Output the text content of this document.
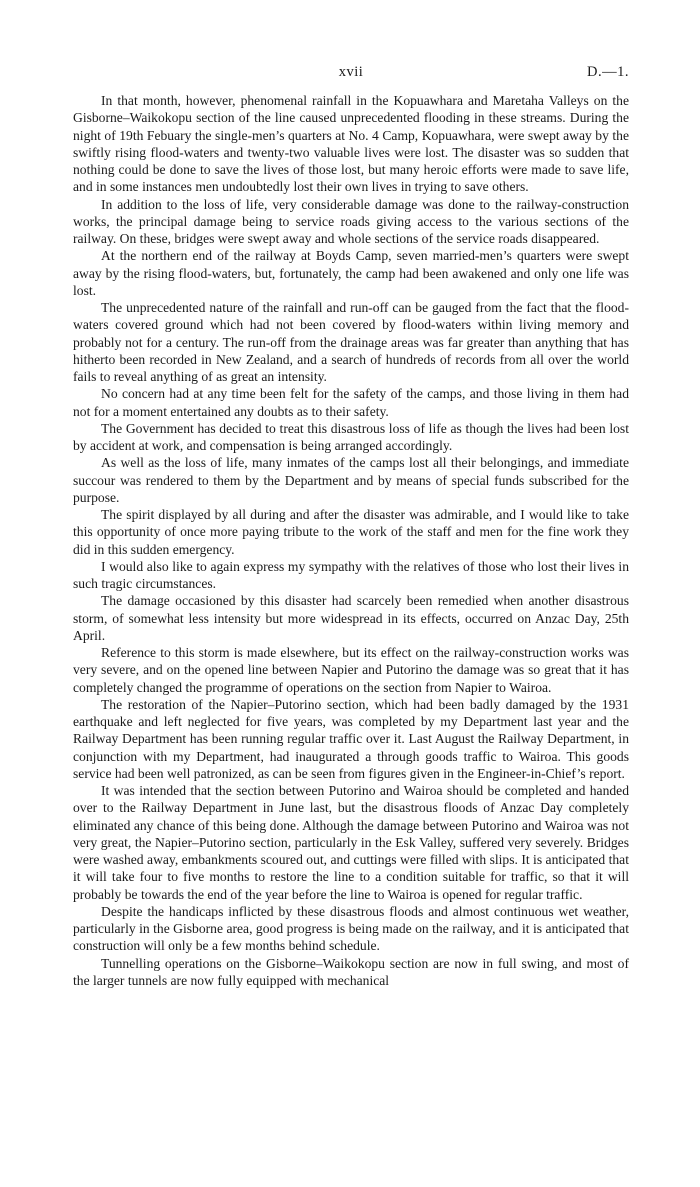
xvii	D.—1.

In that month, however, phenomenal rainfall in the Kopuawhara and Maretaha Valleys on the Gisborne–Waikokopu section of the line caused unprecedented flooding in these streams. During the night of 19th Febuary the single-men’s quarters at No. 4 Camp, Kopuawhara, were swept away by the swiftly rising flood-waters and twenty-two valuable lives were lost. The disaster was so sudden that nothing could be done to save the lives of those lost, but many heroic efforts were made to save life, and in some instances men undoubtedly lost their own lives in trying to save others.

In addition to the loss of life, very considerable damage was done to the railway-construction works, the principal damage being to service roads giving access to the various sections of the railway. On these, bridges were swept away and whole sections of the service roads disappeared.

At the northern end of the railway at Boyds Camp, seven married-men’s quarters were swept away by the rising flood-waters, but, fortunately, the camp had been awakened and only one life was lost.

The unprecedented nature of the rainfall and run-off can be gauged from the fact that the flood-waters covered ground which had not been covered by flood-waters within living memory and probably not for a century. The run-off from the drainage areas was far greater than anything that has hitherto been recorded in New Zealand, and a search of hundreds of records from all over the world fails to reveal anything of as great an intensity.

No concern had at any time been felt for the safety of the camps, and those living in them had not for a moment entertained any doubts as to their safety.

The Government has decided to treat this disastrous loss of life as though the lives had been lost by accident at work, and compensation is being arranged accordingly.

As well as the loss of life, many inmates of the camps lost all their belongings, and immediate succour was rendered to them by the Department and by means of special funds subscribed for the purpose.

The spirit displayed by all during and after the disaster was admirable, and I would like to take this opportunity of once more paying tribute to the work of the staff and men for the fine work they did in this sudden emergency.

I would also like to again express my sympathy with the relatives of those who lost their lives in such tragic circumstances.

The damage occasioned by this disaster had scarcely been remedied when another disastrous storm, of somewhat less intensity but more widespread in its effects, occurred on Anzac Day, 25th April.

Reference to this storm is made elsewhere, but its effect on the railway-construction works was very severe, and on the opened line between Napier and Putorino the damage was so great that it has completely changed the programme of operations on the section from Napier to Wairoa.

The restoration of the Napier–Putorino section, which had been badly damaged by the 1931 earthquake and left neglected for five years, was completed by my Department last year and the Railway Department has been running regular traffic over it. Last August the Railway Department, in conjunction with my Department, had inaugurated a through goods traffic to Wairoa. This goods service had been well patronized, as can be seen from figures given in the Engineer-in-Chief’s report.

It was intended that the section between Putorino and Wairoa should be completed and handed over to the Railway Department in June last, but the disastrous floods of Anzac Day completely eliminated any chance of this being done. Although the damage between Putorino and Wairoa was not very great, the Napier–Putorino section, particularly in the Esk Valley, suffered very severely. Bridges were washed away, embankments scoured out, and cuttings were filled with slips. It is anticipated that it will take four to five months to restore the line to a condition suitable for traffic, so that it will probably be towards the end of the year before the line to Wairoa is opened for regular traffic.

Despite the handicaps inflicted by these disastrous floods and almost continuous wet weather, particularly in the Gisborne area, good progress is being made on the railway, and it is anticipated that construction will only be a few months behind schedule.

Tunnelling operations on the Gisborne–Waikokopu section are now in full swing, and most of the larger tunnels are now fully equipped with mechanical
